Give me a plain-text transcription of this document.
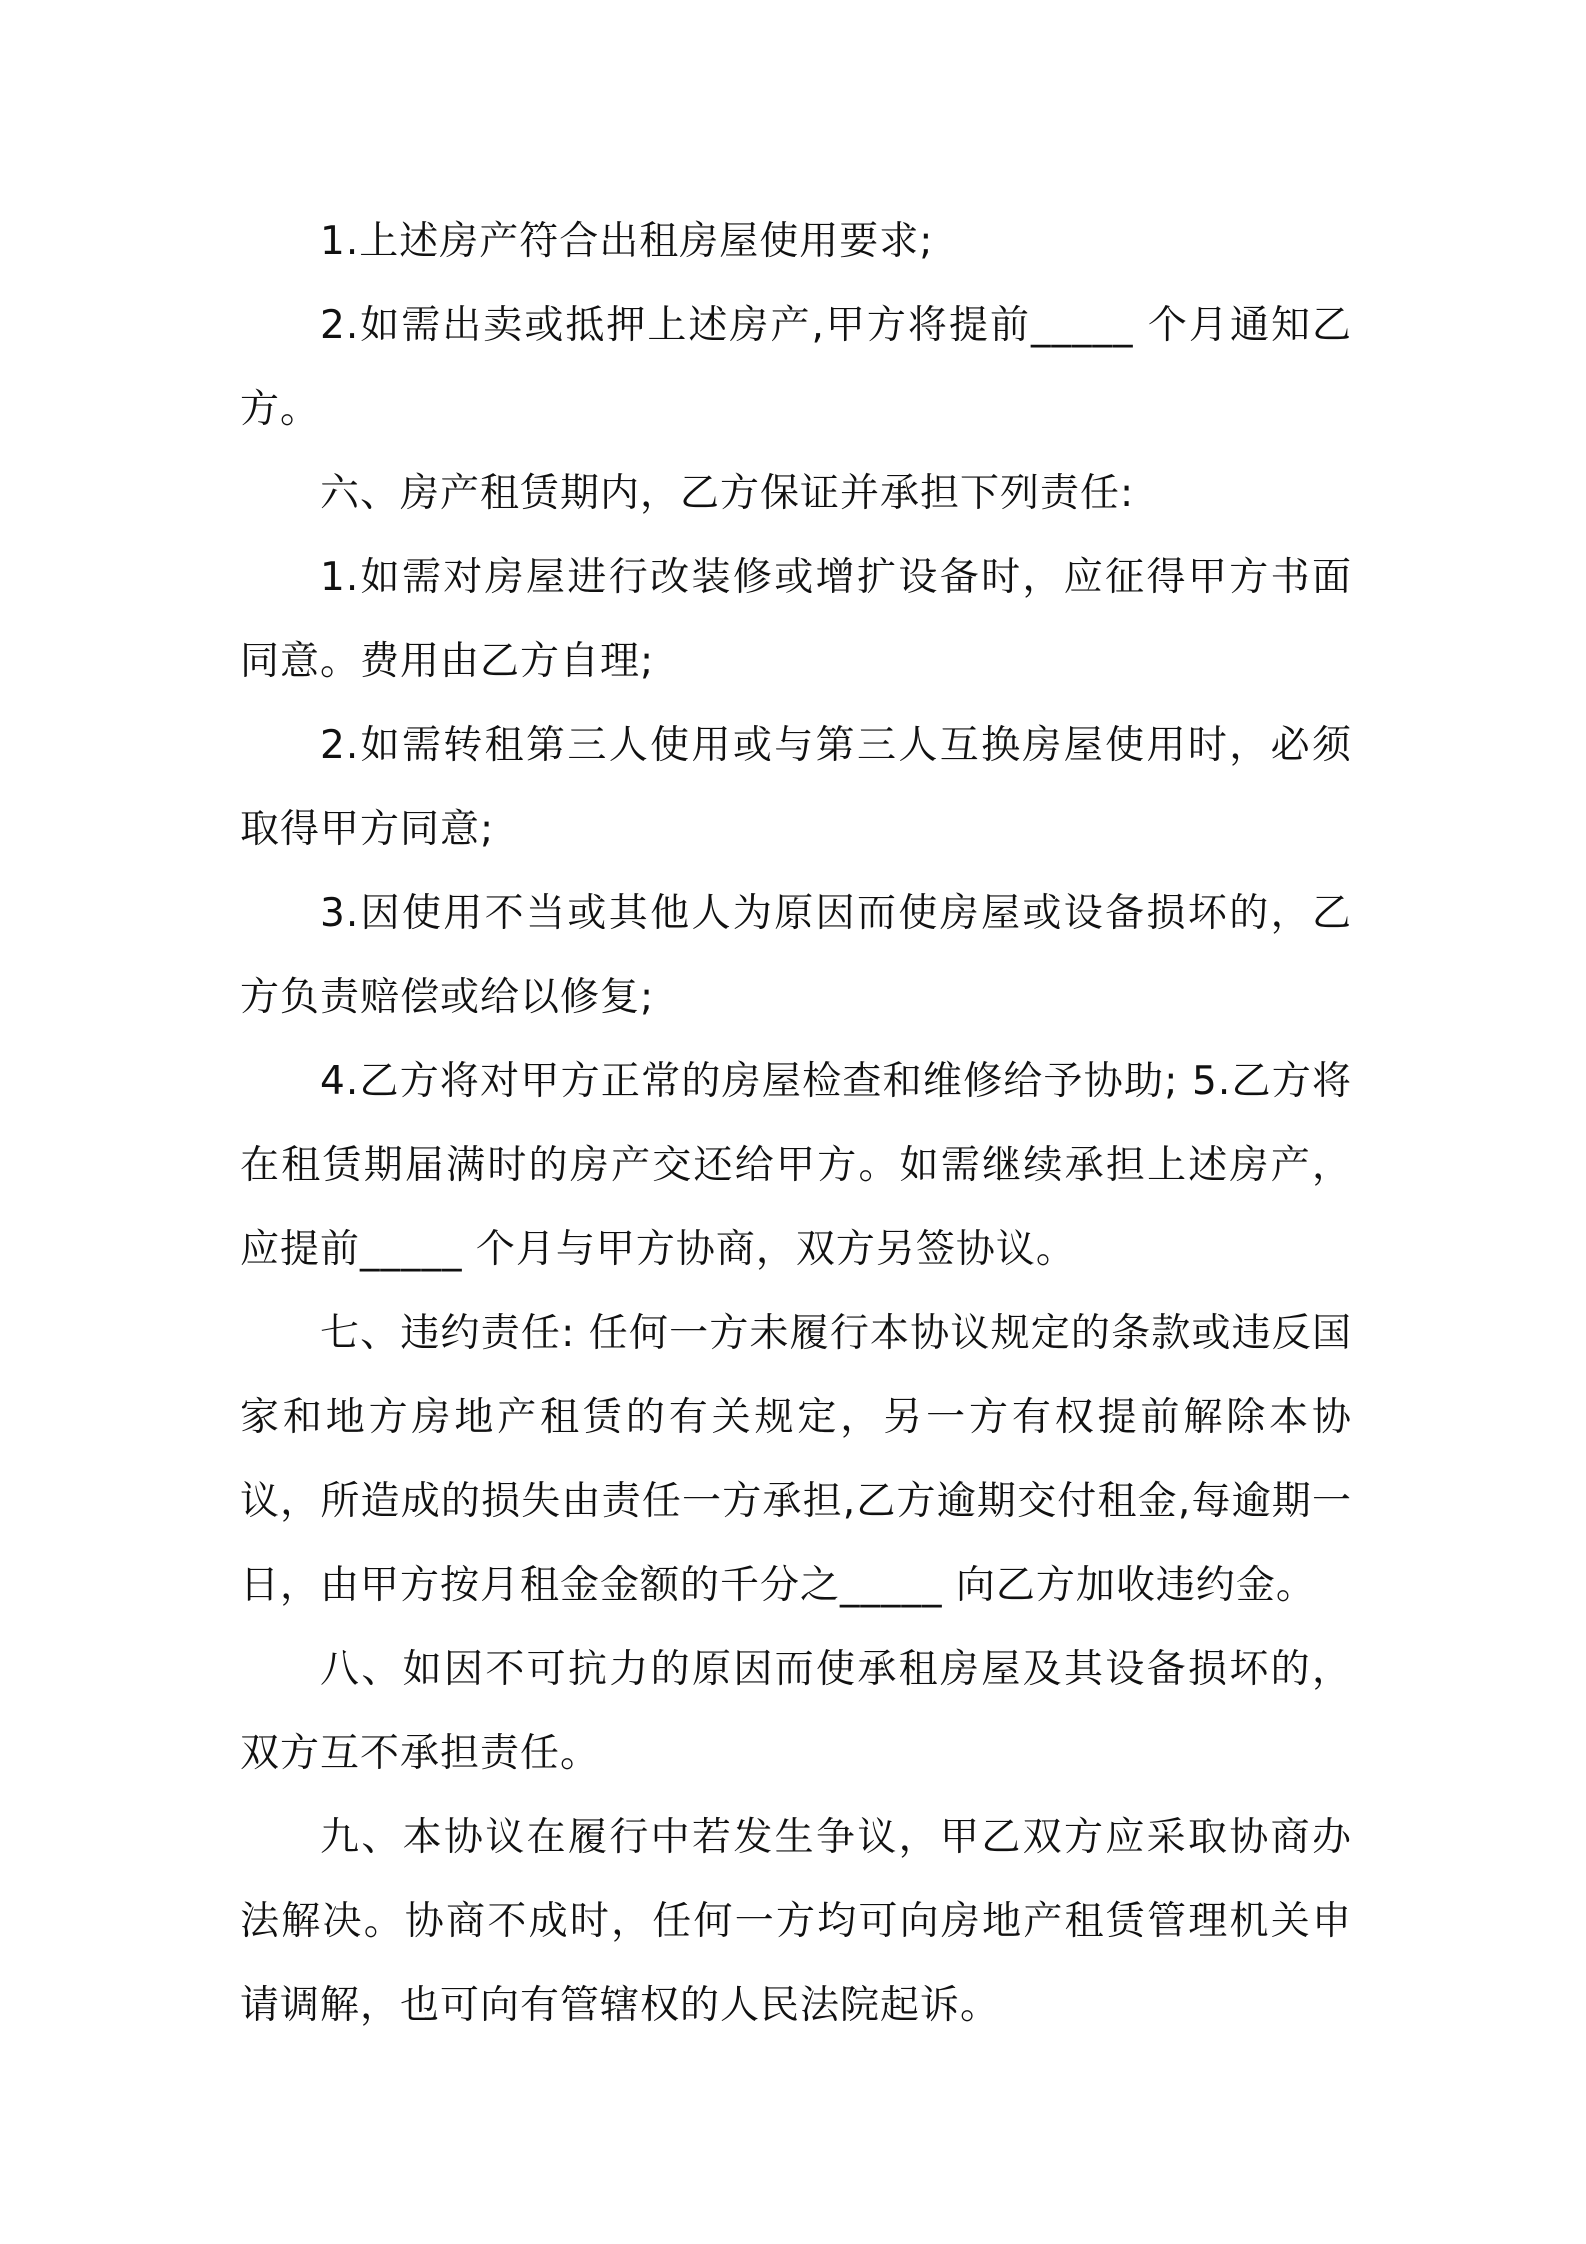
1.上述房产符合出租房屋使用要求;

2.如需出卖或抵押上述房产,甲方将提前_____ 个月通知乙方。

六、房产租赁期内，乙方保证并承担下列责任:

1.如需对房屋进行改装修或增扩设备时，应征得甲方书面同意。费用由乙方自理;

2.如需转租第三人使用或与第三人互换房屋使用时，必须取得甲方同意;

3.因使用不当或其他人为原因而使房屋或设备损坏的，乙方负责赔偿或给以修复;

4.乙方将对甲方正常的房屋检查和维修给予协助; 5.乙方将在租赁期届满时的房产交还给甲方。如需继续承担上述房产，应提前_____ 个月与甲方协商，双方另签协议。

七、违约责任: 任何一方未履行本协议规定的条款或违反国家和地方房地产租赁的有关规定，另一方有权提前解除本协议，所造成的损失由责任一方承担,乙方逾期交付租金,每逾期一日，由甲方按月租金金额的千分之_____ 向乙方加收违约金。

八、如因不可抗力的原因而使承租房屋及其设备损坏的，双方互不承担责任。

九、本协议在履行中若发生争议，甲乙双方应采取协商办法解决。协商不成时，任何一方均可向房地产租赁管理机关申请调解，也可向有管辖权的人民法院起诉。
